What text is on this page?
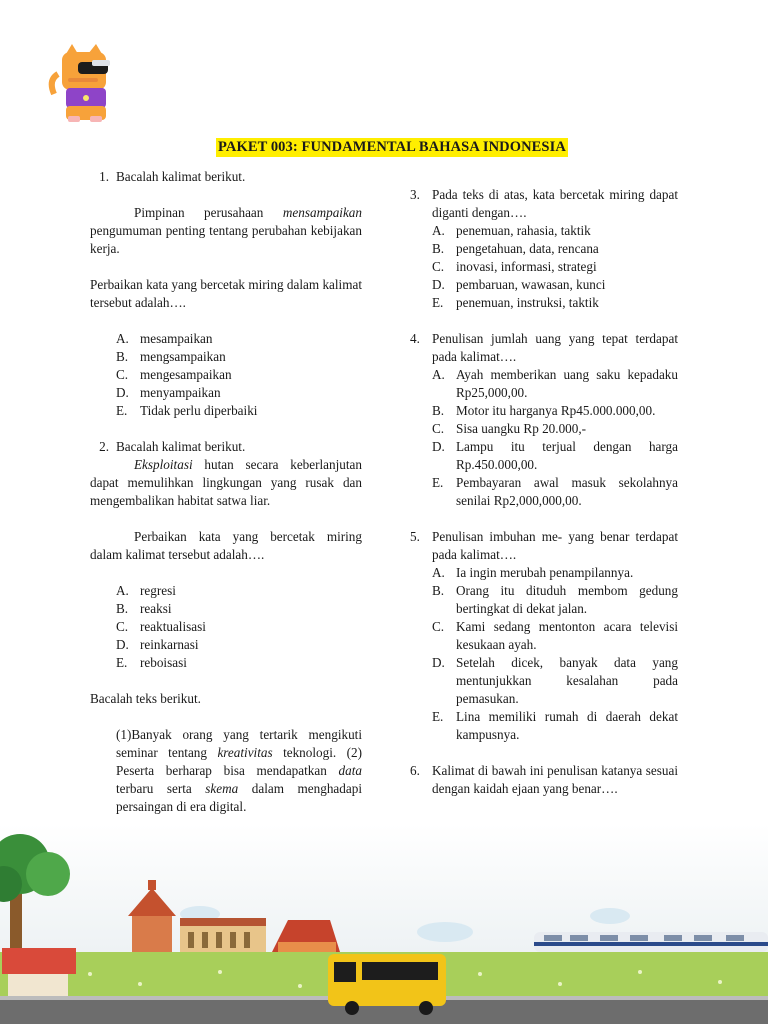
PAKET 003: FUNDAMENTAL BAHASA INDONESIA
1. Bacalah kalimat berikut.

Pimpinan perusahaan mensampaikan pengumuman penting tentang perubahan kebijakan kerja.

Perbaikan kata yang bercetak miring dalam kalimat tersebut adalah….

A. mesampaikan
B. mengsampaikan
C. mengesampaikan
D. menyampaikan
E. Tidak perlu diperbaiki
2. Bacalah kalimat berikut.

Eksploitasi hutan secara keberlanjutan dapat memulihkan lingkungan yang rusak dan mengembalikan habitat satwa liar.

Perbaikan kata yang bercetak miring dalam kalimat tersebut adalah….

A. regresi
B. reaksi
C. reaktualisasi
D. reinkarnasi
E. reboisasi

Bacalah teks berikut.

(1)Banyak orang yang tertarik mengikuti seminar tentang kreativitas teknologi. (2) Peserta berharap bisa mendapatkan data terbaru serta skema dalam menghadapi persaingan di era digital.

3. Pada teks di atas, kata bercetak miring dapat diganti dengan….
A. penemuan, rahasia, taktik
B. pengetahuan, data, rencana
C. inovasi, informasi, strategi
D. pembaruan, wawasan, kunci
E. penemuan, instruksi, taktik
4. Penulisan jumlah uang yang tepat terdapat pada kalimat….
A. Ayah memberikan uang saku kepadaku Rp25,000,00.
B. Motor itu harganya Rp45.000.000,00.
C. Sisa uangku Rp 20.000,-
D. Lampu itu terjual dengan harga Rp.450.000,00.
E. Pembayaran awal masuk sekolahnya senilai Rp2,000,000,00.
5. Penulisan imbuhan me- yang benar terdapat pada kalimat….
A. Ia ingin merubah penampilannya.
B. Orang itu dituduh membom gedung bertingkat di dekat jalan.
C. Kami sedang mentonton acara televisi kesukaan ayah.
D. Setelah dicek, banyak data yang mentunjukkan kesalahan pada pemasukan.
E. Lina memiliki rumah di daerah dekat kampusnya.
6. Kalimat di bawah ini penulisan katanya sesuai dengan kaidah ejaan yang benar….
